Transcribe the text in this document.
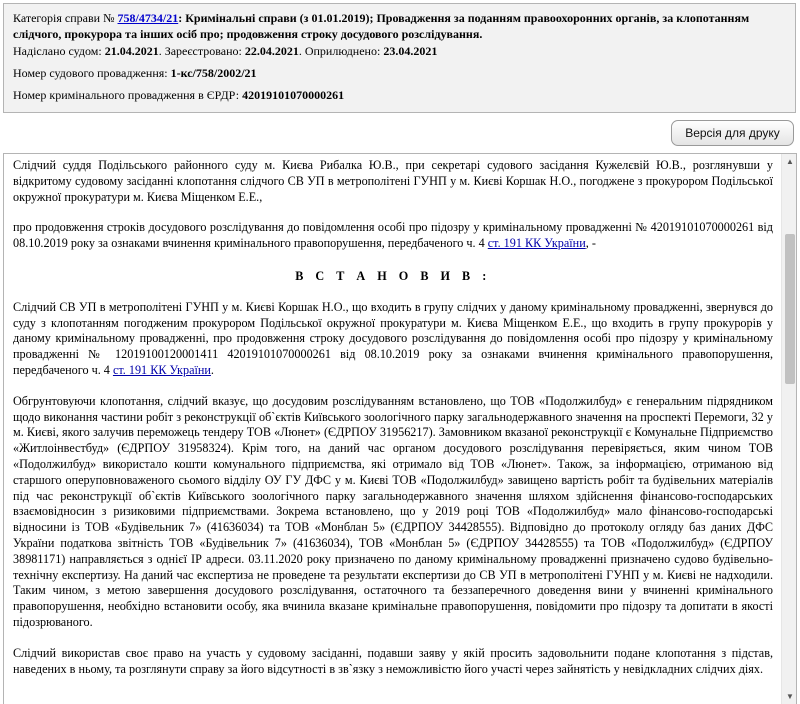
Категорія справи № 758/4734/21: Кримінальні справи (з 01.01.2019); Провадження за поданням правоохоронних органів, за клопотанням слідчого, прокурора та інших осіб про; продовження строку досудового розслідування.
Надіслано судом: 21.04.2021. Зареєстровано: 22.04.2021. Оприлюднено: 23.04.2021
Номер судового провадження: 1-кс/758/2002/21
Номер кримінального провадження в ЄРДР: 42019101070000261
Версія для друку

Слідчий суддя Подільського районного суду м. Києва Рибалка Ю.В., при секретарі судового засідання Кужелєвій Ю.В., розглянувши у відкритому судовому засіданні клопотання слідчого СВ УП в метрополітені ГУНП у м. Києві Коршак Н.О., погоджене з прокурором Подільської окружної прокуратури м. Києва Міщенком Е.Е.,

про продовження строків досудового розслідування до повідомлення особі про підозру у кримінальному провадженні № 42019101070000261 від 08.10.2019 року за ознаками вчинення кримінального правопорушення, передбаченого ч. 4 ст. 191 КК України, -

В С Т А Н О В И В :

Слідчий СВ УП в метрополітені ГУНП у м. Києві Коршак Н.О., що входить в групу слідчих у даному кримінальному провадженні, звернувся до суду з клопотанням погодженим прокурором Подільської окружної прокуратури м. Києва Міщенком Е.Е., що входить в групу прокурорів у даному кримінальному провадженні, про продовження строку досудового розслідування до повідомлення особі про підозру у кримінальному провадженні № 12019100120001411 42019101070000261 від 08.10.2019 року за ознаками вчинення кримінального правопорушення, передбаченого ч. 4 ст. 191 КК України.

Обгрунтовуючи клопотання, слідчий вказує, що досудовим розслідуванням встановлено, що ТОВ «Подолжилбуд» є генеральним підрядником щодо виконання частини робіт з реконструкції об`єктів Київського зоологічного парку загальнодержавного значення на проспекті Перемоги, 32 у м. Києві, якого залучив переможець тендеру ТОВ «Люнет» (ЄДРПОУ 31956217). Замовником вказаної реконструкції є Комунальне Підприємство «Житлоінвестбуд» (ЄДРПОУ 31958324). Крім того, на даний час органом досудового розслідування перевіряється, яким чином ТОВ «Подолжилбуд» використало кошти комунального підприємства, які отримало від ТОВ «Люнет». Також, за інформацією, отриманою від старшого оперуповноваженого сьомого відділу ОУ ГУ ДФС у м. Києві ТОВ «Подолжилбуд» завищено вартість робіт та будівельних матеріалів під час реконструкції об`єктів Київського зоологічного парку загальнодержавного значення шляхом здійснення фінансово-господарських взаємовідносин з ризиковими підприємствами. Зокрема встановлено, що у 2019 році ТОВ «Подолжилбуд» мало фінансово-господарські відносини із ТОВ «Будівельник 7» (41636034) та ТОВ «Монблан 5» (ЄДРПОУ 34428555). Відповідно до протоколу огляду баз даних ДФС України податкова звітність ТОВ «Будівельник 7» (41636034), ТОВ «Монблан 5» (ЄДРПОУ 34428555) та ТОВ «Подолжилбуд» (ЄДРПОУ 38981171) направляється з однієї ІР адреси. 03.11.2020 року призначено по даному кримінальному провадженні призначено судово будівельно-технічну експертизу. На даний час експертиза не проведене та результати експертизи до СВ УП в метрополітені ГУНП у м. Києві не надходили. Таким чином, з метою завершення досудового розслідування, остаточного та беззаперечного доведення вини у вчиненні кримінального правопорушення, необхідно встановити особу, яка вчинила вказане кримінальне правопорушення, повідомити про підозру та допитати в якості підозрюваного.

Слідчий використав своє право на участь у судовому засіданні, подавши заяву у якій просить задовольнити подане клопотання з підстав, наведених в ньому, та розглянути справу за його відсутності в зв`язку з неможливістю його участі через зайнятість у невідкладних слідчих діях.

▲
▼
